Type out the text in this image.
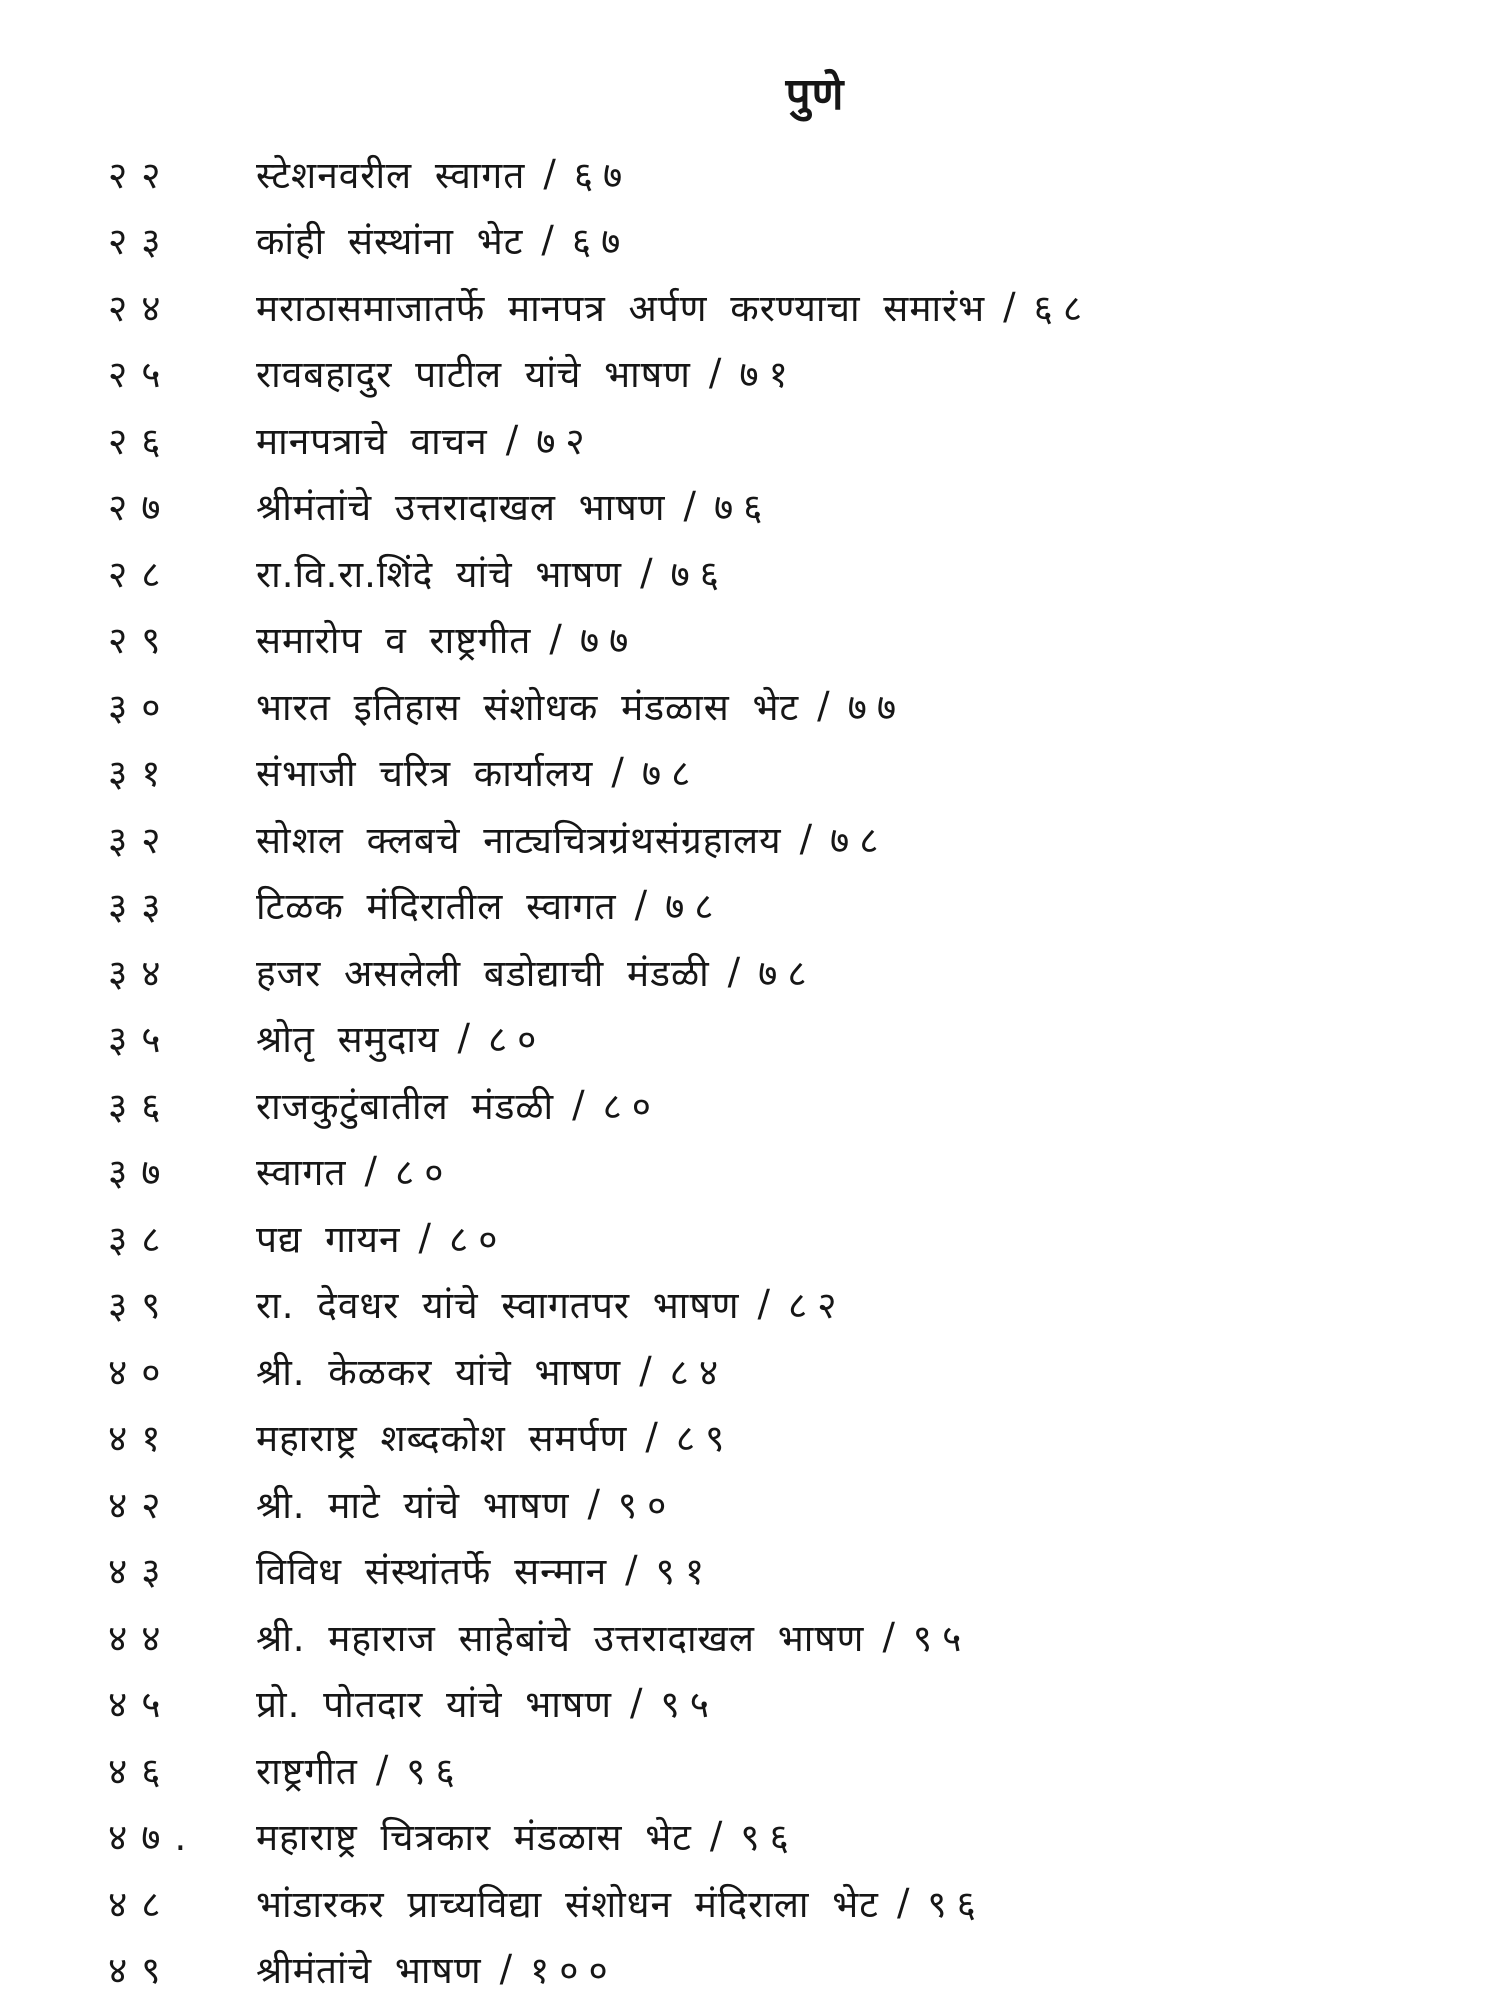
पुणे
२२	स्टेशनवरील स्वागत / ६७
२३	कांही संस्थांना भेट / ६७
२४	मराठासमाजातर्फे मानपत्र अर्पण करण्याचा समारंभ / ६८
२५	रावबहादुर पाटील यांचे भाषण / ७१
२६	मानपत्राचे वाचन / ७२
२७	श्रीमंतांचे उत्तरादाखल भाषण / ७६
२८	रा.वि.रा.शिंदे यांचे भाषण / ७६
२९	समारोप व राष्ट्रगीत / ७७
३०	भारत इतिहास संशोधक मंडळास भेट / ७७
३१	संभाजी चरित्र कार्यालय / ७८
३२	सोशल क्लबचे नाट्यचित्रग्रंथसंग्रहालय / ७८
३३	टिळक मंदिरातील स्वागत / ७८
३४	हजर असलेली बडोद्याची मंडळी / ७८
३५	श्रोतृ समुदाय / ८०
३६	राजकुटुंबातील मंडळी / ८०
३७	स्वागत / ८०
३८	पद्य गायन / ८०
३९	रा. देवधर यांचे स्वागतपर भाषण / ८२
४०	श्री. केळकर यांचे भाषण / ८४
४१	महाराष्ट्र शब्दकोश समर्पण / ८९
४२	श्री. माटे यांचे भाषण / ९०
४३	विविध संस्थांतर्फे सन्मान / ९१
४४	श्री. महाराज साहेबांचे उत्तरादाखल भाषण / ९५
४५	प्रो. पोतदार यांचे भाषण / ९५
४६	राष्ट्रगीत / ९६
४७.	महाराष्ट्र चित्रकार मंडळास भेट / ९६
४८	भांडारकर प्राच्यविद्या संशोधन मंदिराला भेट / ९६
४९	श्रीमंतांचे भाषण / १००
